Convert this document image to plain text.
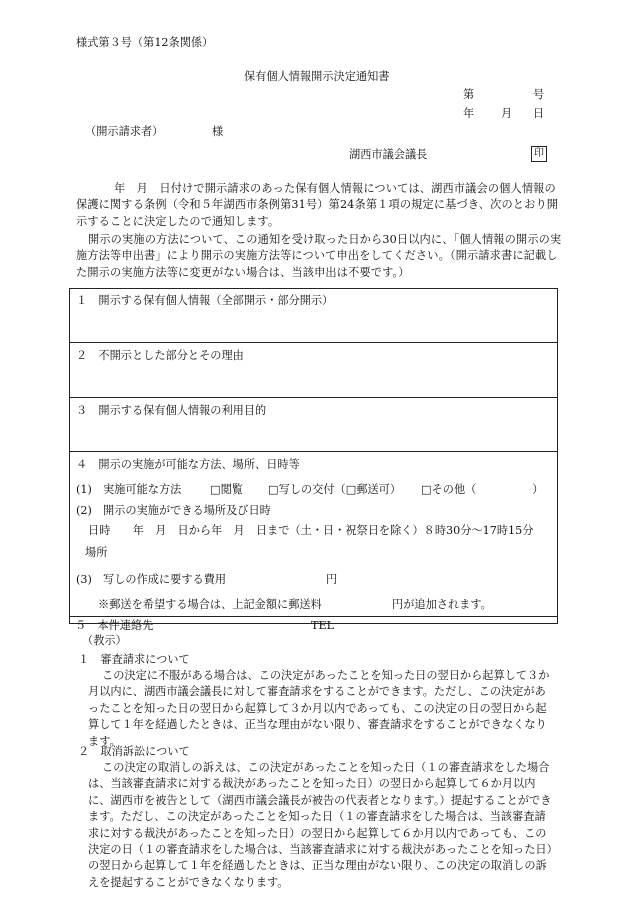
様式第３号（第12条関係）
保有個人情報開示決定通知書
第	号
年 月 日
（開示請求者）	様
湖西市議会議長	印
年　月　日付けで開示請求のあった保有個人情報については、湖西市議会の個人情報の保護に関する条例（令和５年湖西市条例第31号）第24条第１項の規定に基づき、次のとおり開示することに決定したので通知します。
開示の実施の方法について、この通知を受け取った日から30日以内に、「個人情報の開示の実施方法等申出書」により開示の実施方法等について申出をしてください。（開示請求書に記載した開示の実施方法等に変更がない場合は、当該申出は不要です。）
１　開示する保有個人情報（全部開示・部分開示）
２　不開示とした部分とその理由
３　開示する保有個人情報の利用目的
４　開示の実施が可能な方法、場所、日時等
(1)　実施可能な方法	□閲覧 □写しの交付（□郵送可） □その他（　　　　　）
(2)　開示の実施ができる場所及び日時
日時　　年　月　日から年　月　日まで（土・日・祝祭日を除く）８時30分～17時15分
場所
(3)　写しの作成に要する費用	円
※郵送を希望する場合は、上記金額に郵送料	円が追加されます。
５　本件連絡先	TEL
（教示）
１　審査請求について
この決定に不服がある場合は、この決定があったことを知った日の翌日から起算して３か月以内に、湖西市議会議長に対して審査請求をすることができます。ただし、この決定があったことを知った日の翌日から起算して３か月以内であっても、この決定の日の翌日から起算して１年を経過したときは、正当な理由がない限り、審査請求をすることができなくなります。
２　取消訴訟について
この決定の取消しの訴えは、この決定があったことを知った日（１の審査請求をした場合は、当該審査請求に対する裁決があったことを知った日）の翌日から起算して６か月以内に、湖西市を被告として（湖西市議会議長が被告の代表者となります。）提起することができます。ただし、この決定があったことを知った日（１の審査請求をした場合は、当該審査請求に対する裁決があったことを知った日）の翌日から起算して６か月以内であっても、この決定の日（１の審査請求をした場合は、当該審査請求に対する裁決があったことを知った日）の翌日から起算して１年を経過したときは、正当な理由がない限り、この決定の取消しの訴えを提起することができなくなります。
